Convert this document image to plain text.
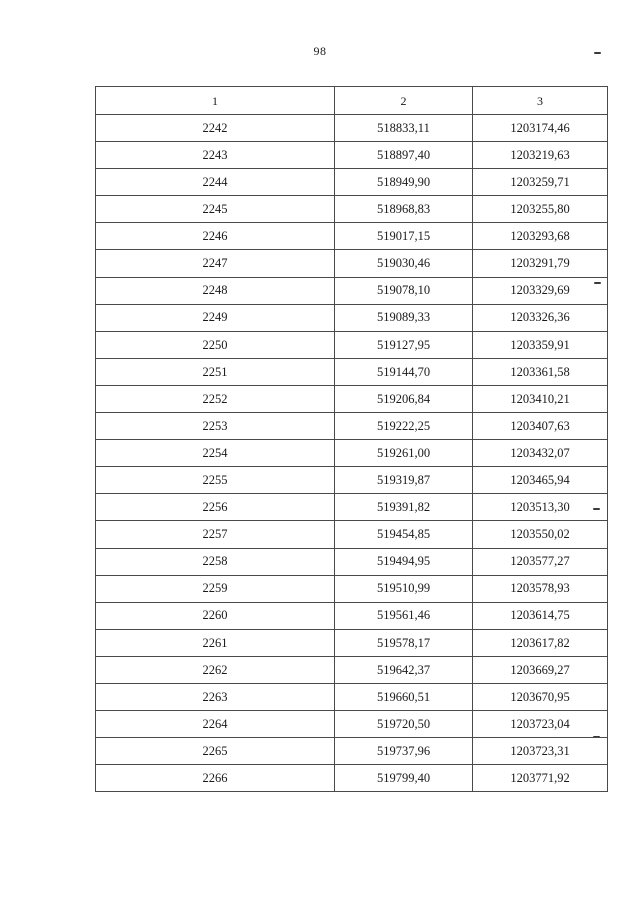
98
1	2	3
2242	518833,11	1203174,46
2243	518897,40	1203219,63
2244	518949,90	1203259,71
2245	518968,83	1203255,80
2246	519017,15	1203293,68
2247	519030,46	1203291,79
2248	519078,10	1203329,69
2249	519089,33	1203326,36
2250	519127,95	1203359,91
2251	519144,70	1203361,58
2252	519206,84	1203410,21
2253	519222,25	1203407,63
2254	519261,00	1203432,07
2255	519319,87	1203465,94
2256	519391,82	1203513,30
2257	519454,85	1203550,02
2258	519494,95	1203577,27
2259	519510,99	1203578,93
2260	519561,46	1203614,75
2261	519578,17	1203617,82
2262	519642,37	1203669,27
2263	519660,51	1203670,95
2264	519720,50	1203723,04
2265	519737,96	1203723,31
2266	519799,40	1203771,92
